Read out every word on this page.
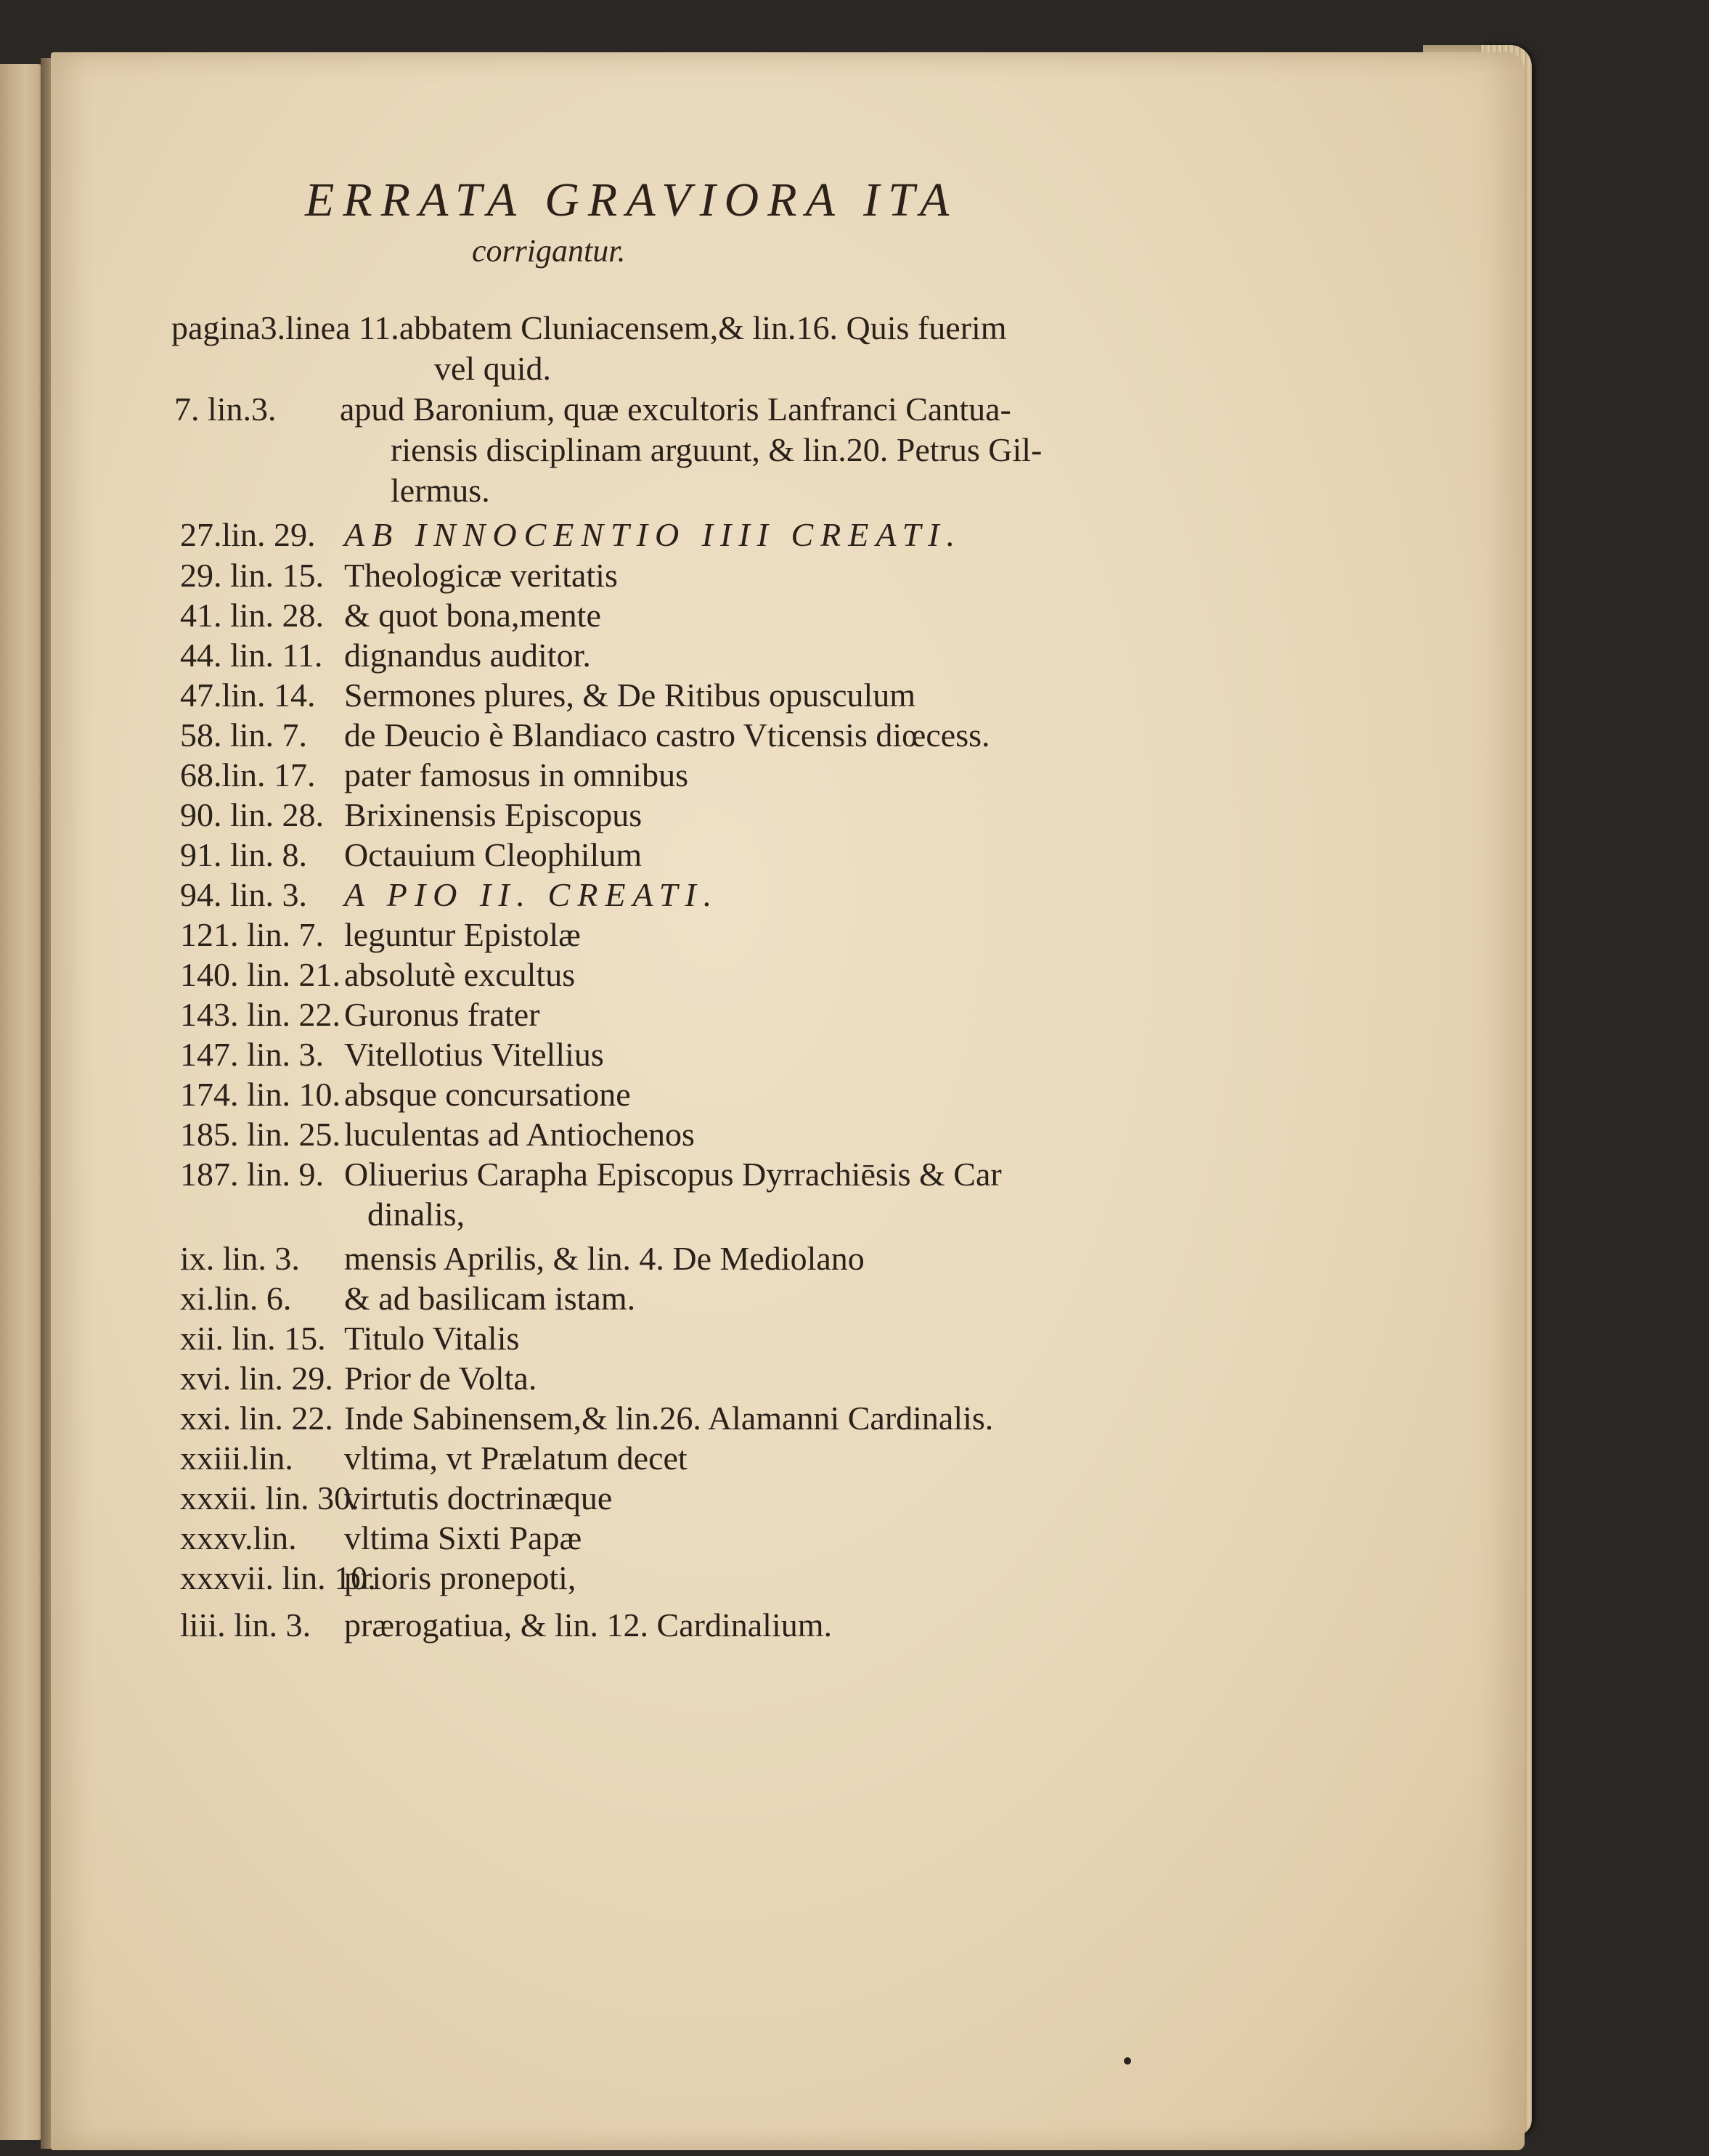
ERRATA GRAVIORA ITA
corrigantur.
pagina3.linea 11.abbatem Cluniacensem,& lin.16. Quis fuerim
vel quid.
7. lin.3. apud Baronium, quæ excultoris Lanfranci Cantua-
riensis disciplinam arguunt, & lin.20. Petrus Gil-
lermus.
27.lin. 29. AB INNOCENTIO IIII CREATI.
29. lin. 15. Theologicæ veritatis
41. lin. 28. & quot bona,mente
44. lin. 11. dignandus auditor.
47.lin. 14. Sermones plures, & De Ritibus opusculum
58. lin. 7. de Deucio è Blandiaco castro Vticensis diœcess.
68.lin. 17. pater famosus in omnibus
90. lin. 28. Brixinensis Episcopus
91. lin. 8. Octauium Cleophilum
94. lin. 3. A PIO II. CREATI.
121. lin. 7. leguntur Epistolæ
140. lin. 21. absolutè excultus
143. lin. 22. Guronus frater
147. lin. 3. Vitellotius Vitellius
174. lin. 10. absque concursatione
185. lin. 25. luculentas ad Antiochenos
187. lin. 9. Oliuerius Carapha Episcopus Dyrrachiēsis & Car
dinalis,
ix. lin. 3. mensis Aprilis, & lin. 4. De Mediolano
xi.lin. 6. & ad basilicam istam.
xii. lin. 15. Titulo Vitalis
xvi. lin. 29. Prior de Volta.
xxi. lin. 22. Inde Sabinensem,& lin.26. Alamanni Cardinalis.
xxiii.lin. vltima, vt Prælatum decet
xxxii. lin. 30.virtutis doctrinæque
xxxv.lin. vltima Sixti Papæ
xxxvii. lin. 10.prioris pronepoti,
liii. lin. 3. prærogatiua, & lin. 12. Cardinalium.
